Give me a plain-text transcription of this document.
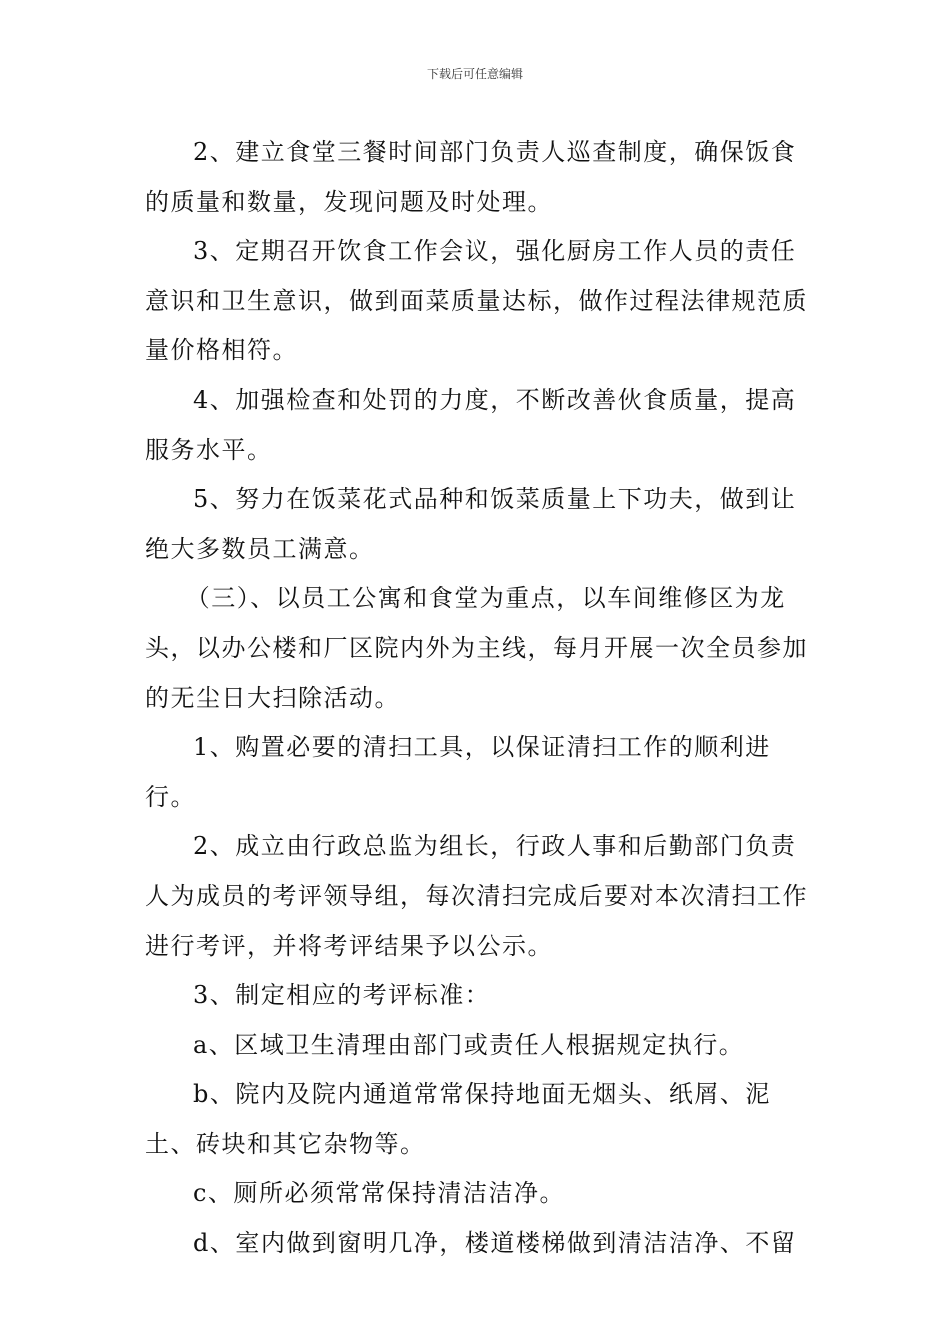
下载后可任意编辑

2、建立食堂三餐时间部门负责人巡查制度，确保饭食的质量和数量，发现问题及时处理。

3、定期召开饮食工作会议，强化厨房工作人员的责任意识和卫生意识，做到面菜质量达标，做作过程法律规范质量价格相符。

4、加强检查和处罚的力度，不断改善伙食质量，提高服务水平。

5、努力在饭菜花式品种和饭菜质量上下功夫，做到让绝大多数员工满意。

（三）、以员工公寓和食堂为重点，以车间维修区为龙头，以办公楼和厂区院内外为主线，每月开展一次全员参加的无尘日大扫除活动。

1、购置必要的清扫工具，以保证清扫工作的顺利进行。

2、成立由行政总监为组长，行政人事和后勤部门负责人为成员的考评领导组，每次清扫完成后要对本次清扫工作进行考评，并将考评结果予以公示。

3、制定相应的考评标准：

a、区域卫生清理由部门或责任人根据规定执行。

b、院内及院内通道常常保持地面无烟头、纸屑、泥土、砖块和其它杂物等。

c、厕所必须常常保持清洁洁净。

d、室内做到窗明几净，楼道楼梯做到清洁洁净、不留
